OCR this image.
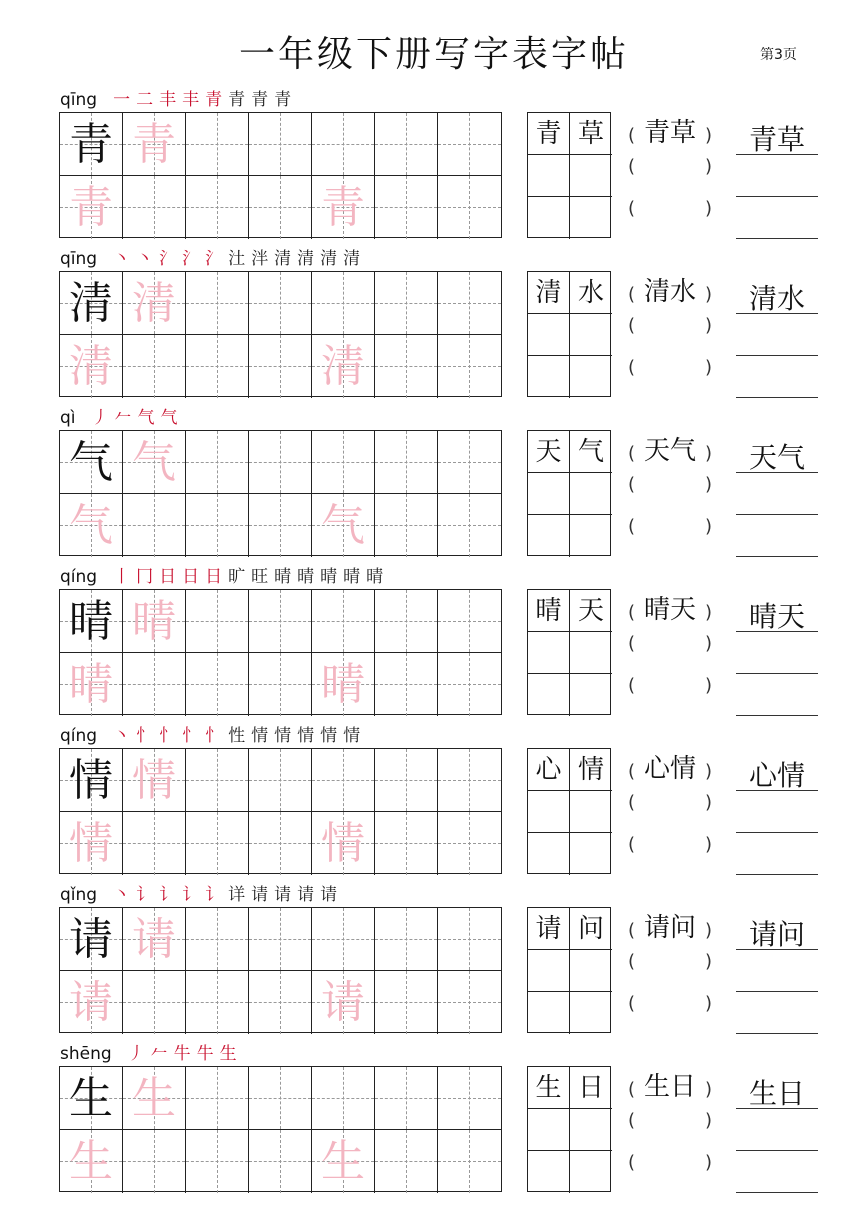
一年级下册写字表字帖	第3页
qīng 一 二 丰 丰 青 青 青 青
青 青
青	青
青 草	( 青草 )
(	)
(	)
青草
qīng 丶 丶 氵 氵 氵 汢 泮 清 清 清 清
清 清
清	清
清 水	( 清水 )
(	)
(	)
清水
qì 丿 𠂉 气 气
气 气
气	气
天 气	( 天气 )
(	)
(	)
天气
qíng 丨 冂 日 日 日 旷 旺 晴 晴 晴 晴 晴
晴 晴
晴	晴
晴 天	( 晴天 )
(	)
(	)
晴天
qíng 丶 忄 忄 忄 忄 性 情 情 情 情 情
情 情
情	情
心 情	( 心情 )
(	)
(	)
心情
qǐng 丶 讠 讠 讠 讠 详 请 请 请 请
请 请
请	请
请 问	( 请问 )
(	)
(	)
请问
shēng 丿 𠂉 牛 牛 生
生 生
生	生
生 日	( 生日 )
(	)
(	)
生日
